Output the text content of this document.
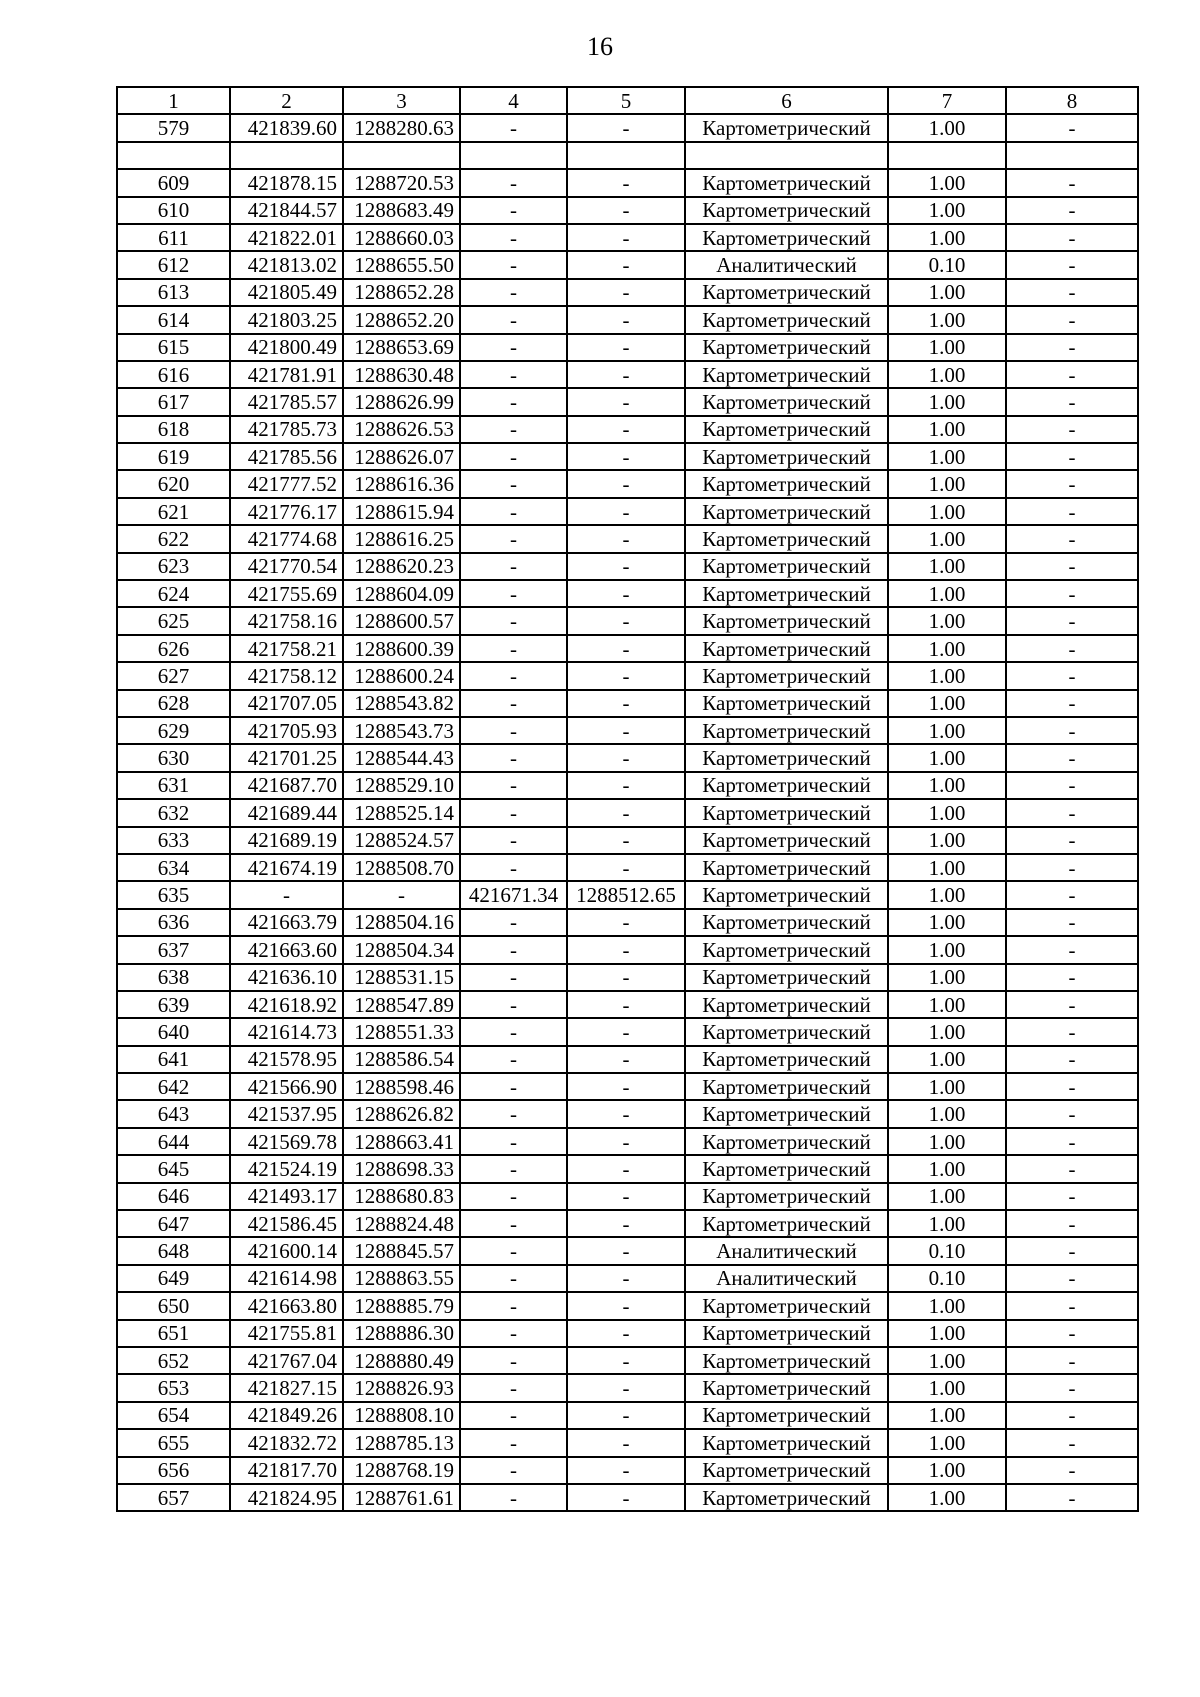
16
1	2	3	4	5	6	7	8
579	421839.60	1288280.63	-	-	Картометрический	1.00	-

609	421878.15	1288720.53	-	-	Картометрический	1.00	-
610	421844.57	1288683.49	-	-	Картометрический	1.00	-
611	421822.01	1288660.03	-	-	Картометрический	1.00	-
612	421813.02	1288655.50	-	-	Аналитический	0.10	-
613	421805.49	1288652.28	-	-	Картометрический	1.00	-
614	421803.25	1288652.20	-	-	Картометрический	1.00	-
615	421800.49	1288653.69	-	-	Картометрический	1.00	-
616	421781.91	1288630.48	-	-	Картометрический	1.00	-
617	421785.57	1288626.99	-	-	Картометрический	1.00	-
618	421785.73	1288626.53	-	-	Картометрический	1.00	-
619	421785.56	1288626.07	-	-	Картометрический	1.00	-
620	421777.52	1288616.36	-	-	Картометрический	1.00	-
621	421776.17	1288615.94	-	-	Картометрический	1.00	-
622	421774.68	1288616.25	-	-	Картометрический	1.00	-
623	421770.54	1288620.23	-	-	Картометрический	1.00	-
624	421755.69	1288604.09	-	-	Картометрический	1.00	-
625	421758.16	1288600.57	-	-	Картометрический	1.00	-
626	421758.21	1288600.39	-	-	Картометрический	1.00	-
627	421758.12	1288600.24	-	-	Картометрический	1.00	-
628	421707.05	1288543.82	-	-	Картометрический	1.00	-
629	421705.93	1288543.73	-	-	Картометрический	1.00	-
630	421701.25	1288544.43	-	-	Картометрический	1.00	-
631	421687.70	1288529.10	-	-	Картометрический	1.00	-
632	421689.44	1288525.14	-	-	Картометрический	1.00	-
633	421689.19	1288524.57	-	-	Картометрический	1.00	-
634	421674.19	1288508.70	-	-	Картометрический	1.00	-
635	-	-	421671.34	1288512.65	Картометрический	1.00	-
636	421663.79	1288504.16	-	-	Картометрический	1.00	-
637	421663.60	1288504.34	-	-	Картометрический	1.00	-
638	421636.10	1288531.15	-	-	Картометрический	1.00	-
639	421618.92	1288547.89	-	-	Картометрический	1.00	-
640	421614.73	1288551.33	-	-	Картометрический	1.00	-
641	421578.95	1288586.54	-	-	Картометрический	1.00	-
642	421566.90	1288598.46	-	-	Картометрический	1.00	-
643	421537.95	1288626.82	-	-	Картометрический	1.00	-
644	421569.78	1288663.41	-	-	Картометрический	1.00	-
645	421524.19	1288698.33	-	-	Картометрический	1.00	-
646	421493.17	1288680.83	-	-	Картометрический	1.00	-
647	421586.45	1288824.48	-	-	Картометрический	1.00	-
648	421600.14	1288845.57	-	-	Аналитический	0.10	-
649	421614.98	1288863.55	-	-	Аналитический	0.10	-
650	421663.80	1288885.79	-	-	Картометрический	1.00	-
651	421755.81	1288886.30	-	-	Картометрический	1.00	-
652	421767.04	1288880.49	-	-	Картометрический	1.00	-
653	421827.15	1288826.93	-	-	Картометрический	1.00	-
654	421849.26	1288808.10	-	-	Картометрический	1.00	-
655	421832.72	1288785.13	-	-	Картометрический	1.00	-
656	421817.70	1288768.19	-	-	Картометрический	1.00	-
657	421824.95	1288761.61	-	-	Картометрический	1.00	-
